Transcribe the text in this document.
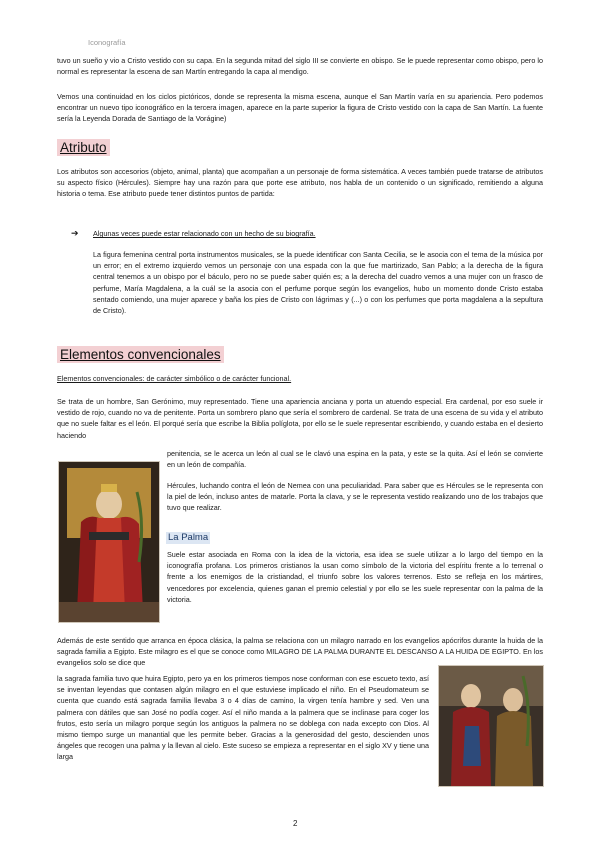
Iconografía

tuvo un sueño y vio a Cristo vestido con su capa. En la segunda mitad del siglo III se convierte en obispo. Se le puede representar como obispo, pero lo normal es representar la escena de san Martín entregando la capa al mendigo.

Vemos una continuidad en los ciclos pictóricos, donde se representa la misma escena, aunque el San Martín varía en su apariencia. Pero podemos encontrar un nuevo tipo iconográfico en la tercera imagen, aparece en la parte superior la figura de Cristo vestido con la capa de San Martín. La fuente sería la Leyenda Dorada de Santiago de la Vorágine)

Atributo

Los atributos son accesorios (objeto, animal, planta) que acompañan a un personaje de forma sistemática. A veces también puede tratarse de atributos su aspecto físico (Hércules). Siempre hay una razón para que porte ese atributo, nos habla de un contenido o un significado, remitiendo a alguna historia o tema. Ese atributo puede tener distintos puntos de partida:

➔	Algunas veces puede estar relacionado con un hecho de su biografía.

La figura femenina central porta instrumentos musicales, se la puede identificar con Santa Cecilia, se le asocia con el tema de la música por un error; en el extremo izquierdo vemos un personaje con una espada con la que fue martirizado, San Pablo; a la derecha de la figura central tenemos a un obispo por el báculo, pero no se puede saber quién es; a la derecha del cuadro vemos a una mujer con un frasco de perfume, María Magdalena, a la cuál se la asocia con el perfume porque según los evangelios, hubo un momento donde Cristo estaba sentado comiendo, una mujer aparece y baña los pies de Cristo con lágrimas y (...) o con los perfumes que porta magdalena a la sepultura de Cristo).

Elementos convencionales

Elementos convencionales: de carácter simbólico o de carácter funcional.

Se trata de un hombre, San Gerónimo, muy representado. Tiene una apariencia anciana y porta un atuendo especial. Era cardenal, por eso suele ir vestido de rojo, cuando no va de penitente. Porta un sombrero plano que sería el sombrero de cardenal. Se trata de una escena de su vida y el atributo que no suele faltar es el león. El porqué sería que escribe la Biblia políglota, por ello se le suele representar escribiendo, y cuando estaba en el desierto haciendo

penitencia, se le acerca un león al cual se le clavó una espina en la pata, y este se la quita. Así el león se convierte en un león de compañía.

Hércules, luchando contra el león de Nemea con una peculiaridad. Para saber que es Hércules se le representa con la piel de león, incluso antes de matarle. Porta la clava, y se le representa vestido realizando uno de los trabajos que tuvo que realizar.

La Palma

Suele estar asociada en Roma con la idea de la victoria, esa idea se suele utilizar a lo largo del tiempo en la iconografía profana. Los primeros cristianos la usan como símbolo de la victoria del espíritu frente a lo terrenal o frente a los enemigos de la cristiandad, el triunfo sobre los valores terrenos. Esto se refleja en los mártires, vencedores por excelencia, quienes ganan el premio celestial y por ello se les suele representar con la palma de la victoria.

Además de este sentido que arranca en época clásica, la palma se relaciona con un milagro narrado en los evangelios apócrifos durante la huida de la sagrada familia a Egipto. Este milagro es el que se conoce como MILAGRO DE LA PALMA DURANTE EL DESCANSO A LA HUIDA DE EGIPTO. En los evangelios solo se dice que

la sagrada familia tuvo que huira Egipto, pero ya en los primeros tiempos nose conforman con ese escueto texto, así se inventan leyendas que contasen algún milagro en el que estuviese implicado el niño. En el Pseudomateum se cuenta que cuando está sagrada familia llevaba 3 o 4 días de camino, la virgen tenía hambre y sed. Ven una palmera con dátiles que san José no podía coger. Así el niño manda a la palmera que se inclinase para coger los frutos, esto sería un milagro porque según los antiguos la palmera no se doblega con nada excepto con Dios. Al mismo tiempo surge un manantial que les permite beber. Gracias a la generosidad del gesto, descienden unos ángeles que recogen una palma y la llevan al cielo. Este suceso se empieza a representar en el siglo XV y tiene una larga

2
